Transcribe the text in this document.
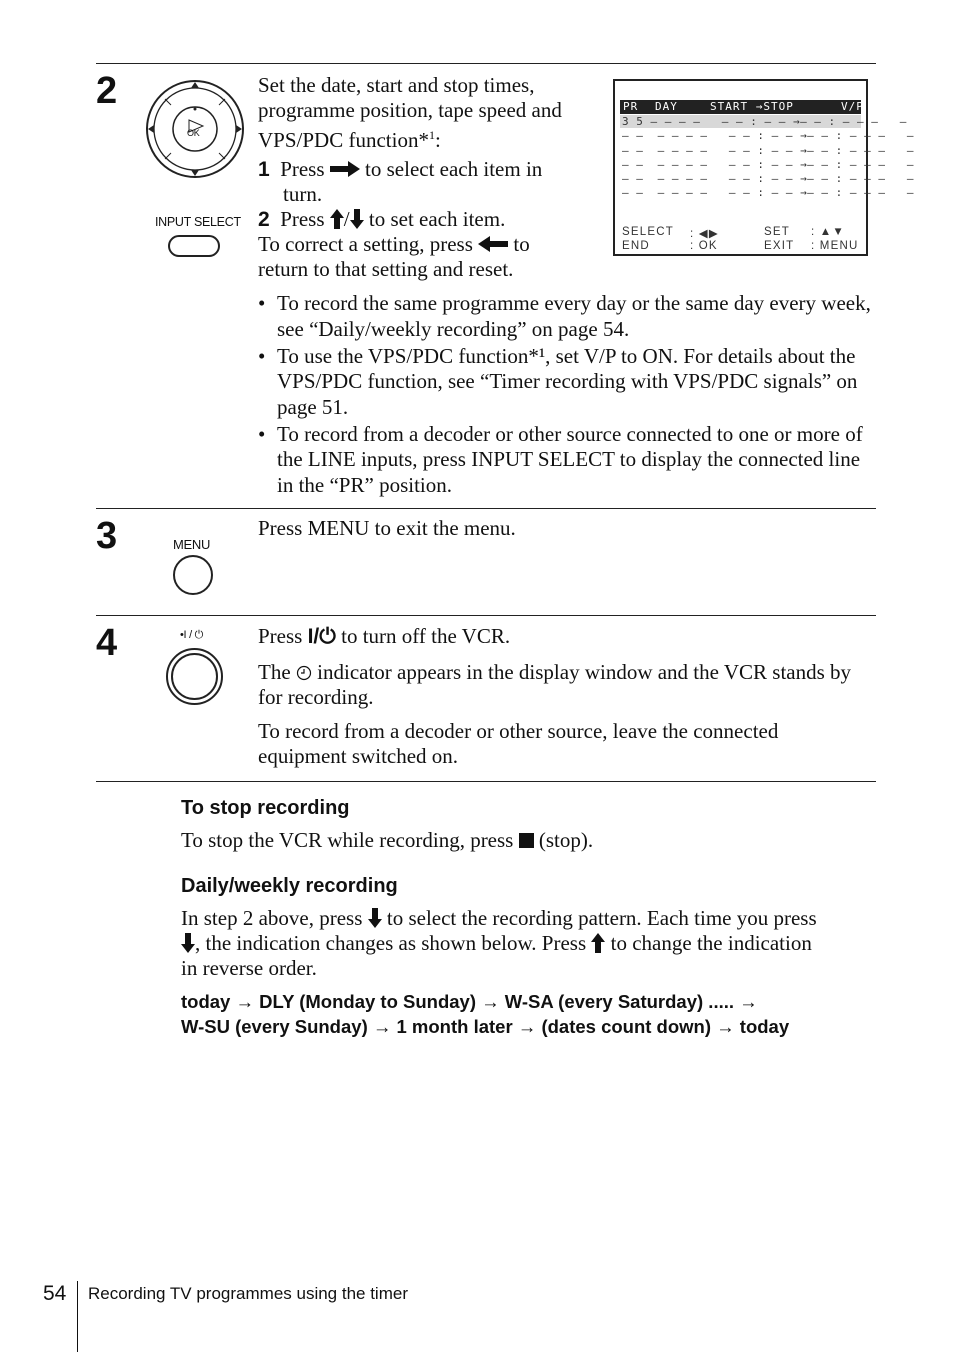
2
OK
INPUT SELECT
Set the date, start and stop times,
programme position, tape speed and
VPS/PDC function*$^1$:
1 Press to select each item in
turn.
2 Press / to set each item.
To correct a setting, press to
return to that setting and reset.
PR DAY	START →STOP	V/P
3 5 – – – –   – – : – – →– – : – – –   –
– –  – – – –   – – : – – →– – : – – –   –
– –  – – – –   – – : – – →– – : – – –   –
– –  – – – –   – – : – – →– – : – – –   –
– –  – – – –   – – : – – →– – : – – –   –
– –  – – – –   – – : – – →– – : – – –   –
SELECT : ◀▶	SET : ▲▼
END	: OK	EXIT : MENU
• To record the same programme every day or the same day every week, see “Daily/weekly recording” on page 54.
• To use the VPS/PDC function*¹, set V/P to ON. For details about the VPS/PDC function, see “Timer recording with VPS/PDC signals” on page 51.
• To record from a decoder or other source connected to one or more of the LINE inputs, press INPUT SELECT to display the connected line in the “PR” position.
3	MENU
Press MENU to exit the menu.
4	•I / ⏻	Press I/⏻ to turn off the VCR.
The indicator appears in the display window and the VCR stands by for recording.
To record from a decoder or other source, leave the connected equipment switched on.
To stop recording
To stop the VCR while recording, press (stop).
Daily/weekly recording
In step 2 above, press to select the recording pattern. Each time you press
, the indication changes as shown below. Press to change the indication
in reverse order.
today → DLY (Monday to Sunday) → W-SA (every Saturday) ..... →
W-SU (every Sunday) → 1 month later → (dates count down) → today
54 Recording TV programmes using the timer
